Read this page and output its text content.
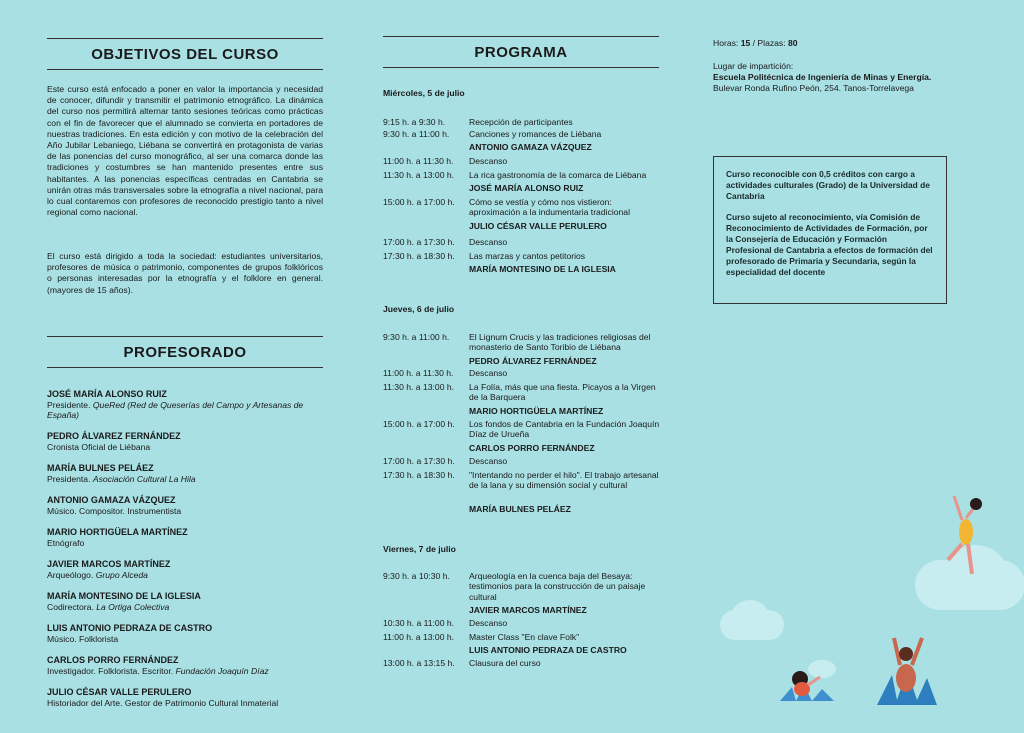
OBJETIVOS DEL CURSO

Este curso está enfocado a poner en valor la importancia y necesidad de conocer, difundir y transmitir el patrimonio etnográfico. La dinámica del curso nos permitirá alternar tanto sesiones teóricas como prácticas con el fin de favorecer que el alumnado se convierta en portadores de nuestras tradiciones. En esta edición y con motivo de la celebración del Año Jubilar Lebaniego, Liébana se convertirá en protagonista de varias de las ponencias del curso monográfico, al ser una comarca donde las tradiciones y costumbres se han mantenido presentes entre sus habitantes. A las ponencias específicas centradas en Cantabria se unirán otras más transversales sobre la etnografía a nivel nacional, para lo cual contaremos con profesores de reconocido prestigio tanto a nivel regional como nacional.

El curso está dirigido a toda la sociedad: estudiantes universitarios, profesores de música o patrimonio, componentes de grupos folklóricos o personas interesadas por la etnografía y el folklore en general. (mayores de 15 años).

PROFESORADO
JOSÉ MARÍA ALONSO RUIZ
Presidente. QueRed (Red de Queserías del Campo y Artesanas de España)
PEDRO ÁLVAREZ FERNÁNDEZ
Cronista Oficial de Liébana
MARÍA BULNES PELÁEZ
Presidenta. Asociación Cultural La Hila
ANTONIO GAMAZA VÁZQUEZ
Músico. Compositor. Instrumentista
MARIO HORTIGÜELA MARTÍNEZ
Etnógrafo
JAVIER MARCOS MARTÍNEZ
Arqueólogo. Grupo Alceda
MARÍA MONTESINO DE LA IGLESIA
Codirectora. La Ortiga Colectiva
LUIS ANTONIO PEDRAZA DE CASTRO
Músico. Folklorista
CARLOS PORRO FERNÁNDEZ
Investigador. Folklorista. Escritor. Fundación Joaquín Díaz
JULIO CÉSAR VALLE PERULERO
Historiador del Arte. Gestor de Patrimonio Cultural Inmaterial
PROGRAMA
Miércoles, 5 de julio
9:15 h. a 9:30 h.	Recepción de participantes
9:30 h. a 11:00 h.	Canciones y romances de Liébana
ANTONIO GAMAZA VÁZQUEZ
11:00 h. a 11:30 h.	Descanso
11:30 h. a 13:00 h.	La rica gastronomía de la comarca de Liébana
JOSÉ MARÍA ALONSO RUIZ
15:00 h. a 17:00 h.	Cómo se vestía y cómo nos vistieron: aproximación a la indumentaria tradicional
JULIO CÉSAR VALLE PERULERO
17:00 h. a 17:30 h.	Descanso
17:30 h. a 18:30 h.	Las marzas y cantos petitorios
MARÍA MONTESINO DE LA IGLESIA
Jueves, 6 de julio
9:30 h. a 11:00 h.	El Lignum Crucis y las tradiciones religiosas del monasterio de Santo Toribio de Liébana
PEDRO ÁLVAREZ FERNÁNDEZ
11:00 h. a 11:30 h.	Descanso
11:30 h. a 13:00 h.	La Folía, más que una fiesta. Picayos a la Virgen de la Barquera
MARIO HORTIGÜELA MARTÍNEZ
15:00 h. a 17:00 h.	Los fondos de Cantabria en la Fundación Joaquín Díaz de Urueña
CARLOS PORRO FERNÁNDEZ
17:00 h. a 17:30 h.	Descanso
17:30 h. a 18:30 h.	"Intentando no perder el hilo". El trabajo artesanal de la lana y su dimensión social y cultural
MARÍA BULNES PELÁEZ
Viernes, 7 de julio
9:30 h. a 10:30 h.	Arqueología en la cuenca baja del Besaya: testimonios para la construcción de un paisaje cultural
JAVIER MARCOS MARTÍNEZ
10:30 h. a 11:00 h.	Descanso
11:00 h. a 13:00 h.	Master Class "En clave Folk"
LUIS ANTONIO PEDRAZA DE CASTRO
13:00 h. a 13:15 h.	Clausura del curso
Horas: 15 / Plazas: 80
Lugar de impartición:
Escuela Politécnica de Ingeniería de Minas y Energía.
Bulevar Ronda Rufino Peón, 254. Tanos-Torrelavega

Curso reconocible con 0,5 créditos con cargo a actividades culturales (Grado) de la Universidad de Cantabria

Curso sujeto al reconocimiento, vía Comisión de Reconocimiento de Actividades de Formación, por la Consejería de Educación y Formación Profesional de Cantabria a efectos de formación del profesorado de Primaria y Secundaria, según la especialidad del docente
